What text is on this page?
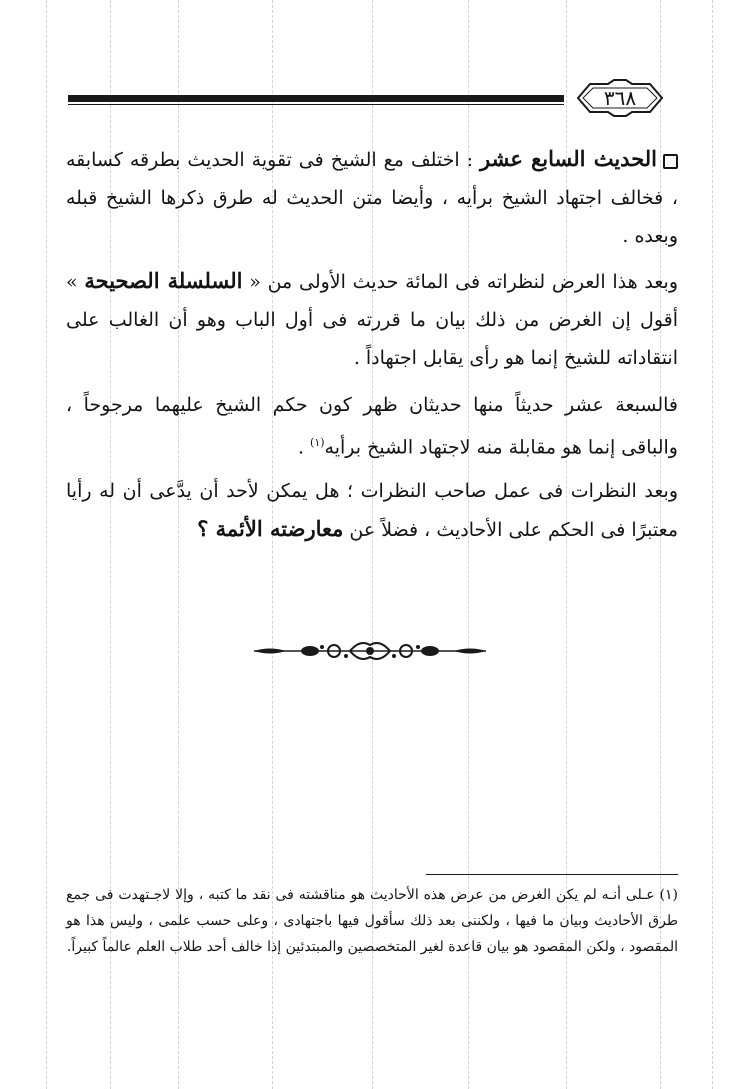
٣٦٨
الحديث السابع عشر : اختلف مع الشيخ فى تقوية الحديث بطرقه كسابقه ، فخالف اجتهاد الشيخ برأيه ، وأيضا متن الحديث له طرق ذكرها الشيخ قبله وبعده .
وبعد هذا العرض لنظراته فى المائة حديث الأولى من « السلسلة الصحيحة » أقول إن الغرض من ذلك بيان ما قررته فى أول الباب وهو أن الغالب على انتقاداته للشيخ إنما هو رأى يقابل اجتهاداً .
فالسبعة عشر حديثاً منها حديثان ظهر كون حكم الشيخ عليهما مرجوحاً ، والباقى إنما هو مقابلة منه لاجتهاد الشيخ برأيه$^{(١)}$ .
وبعد النظرات فى عمل صاحب النظرات ؛ هل يمكن لأحد أن يدَّعى أن له رأيا معتبرًا فى الحكم على الأحاديث ، فضلاً عن معارضته الأئمة ؟
(١) عـلى أنـه لم يكن الغرض من عرض هذه الأحاديث هو مناقشته فى نقد ما كتبه ، وإلا لاجـتهدت فى جمع طرق الأحاديث وبيان ما فيها ، ولكننى بعد ذلك سأقول فيها باجتهادى ، وعلى حسب علمى ، وليس هذا هو المقصود ، ولكن المقصود هو بيان قاعدة لغير المتخصصين والمبتدئين إذا خالف أحد طلاب العلم عالماً كبيراً.
